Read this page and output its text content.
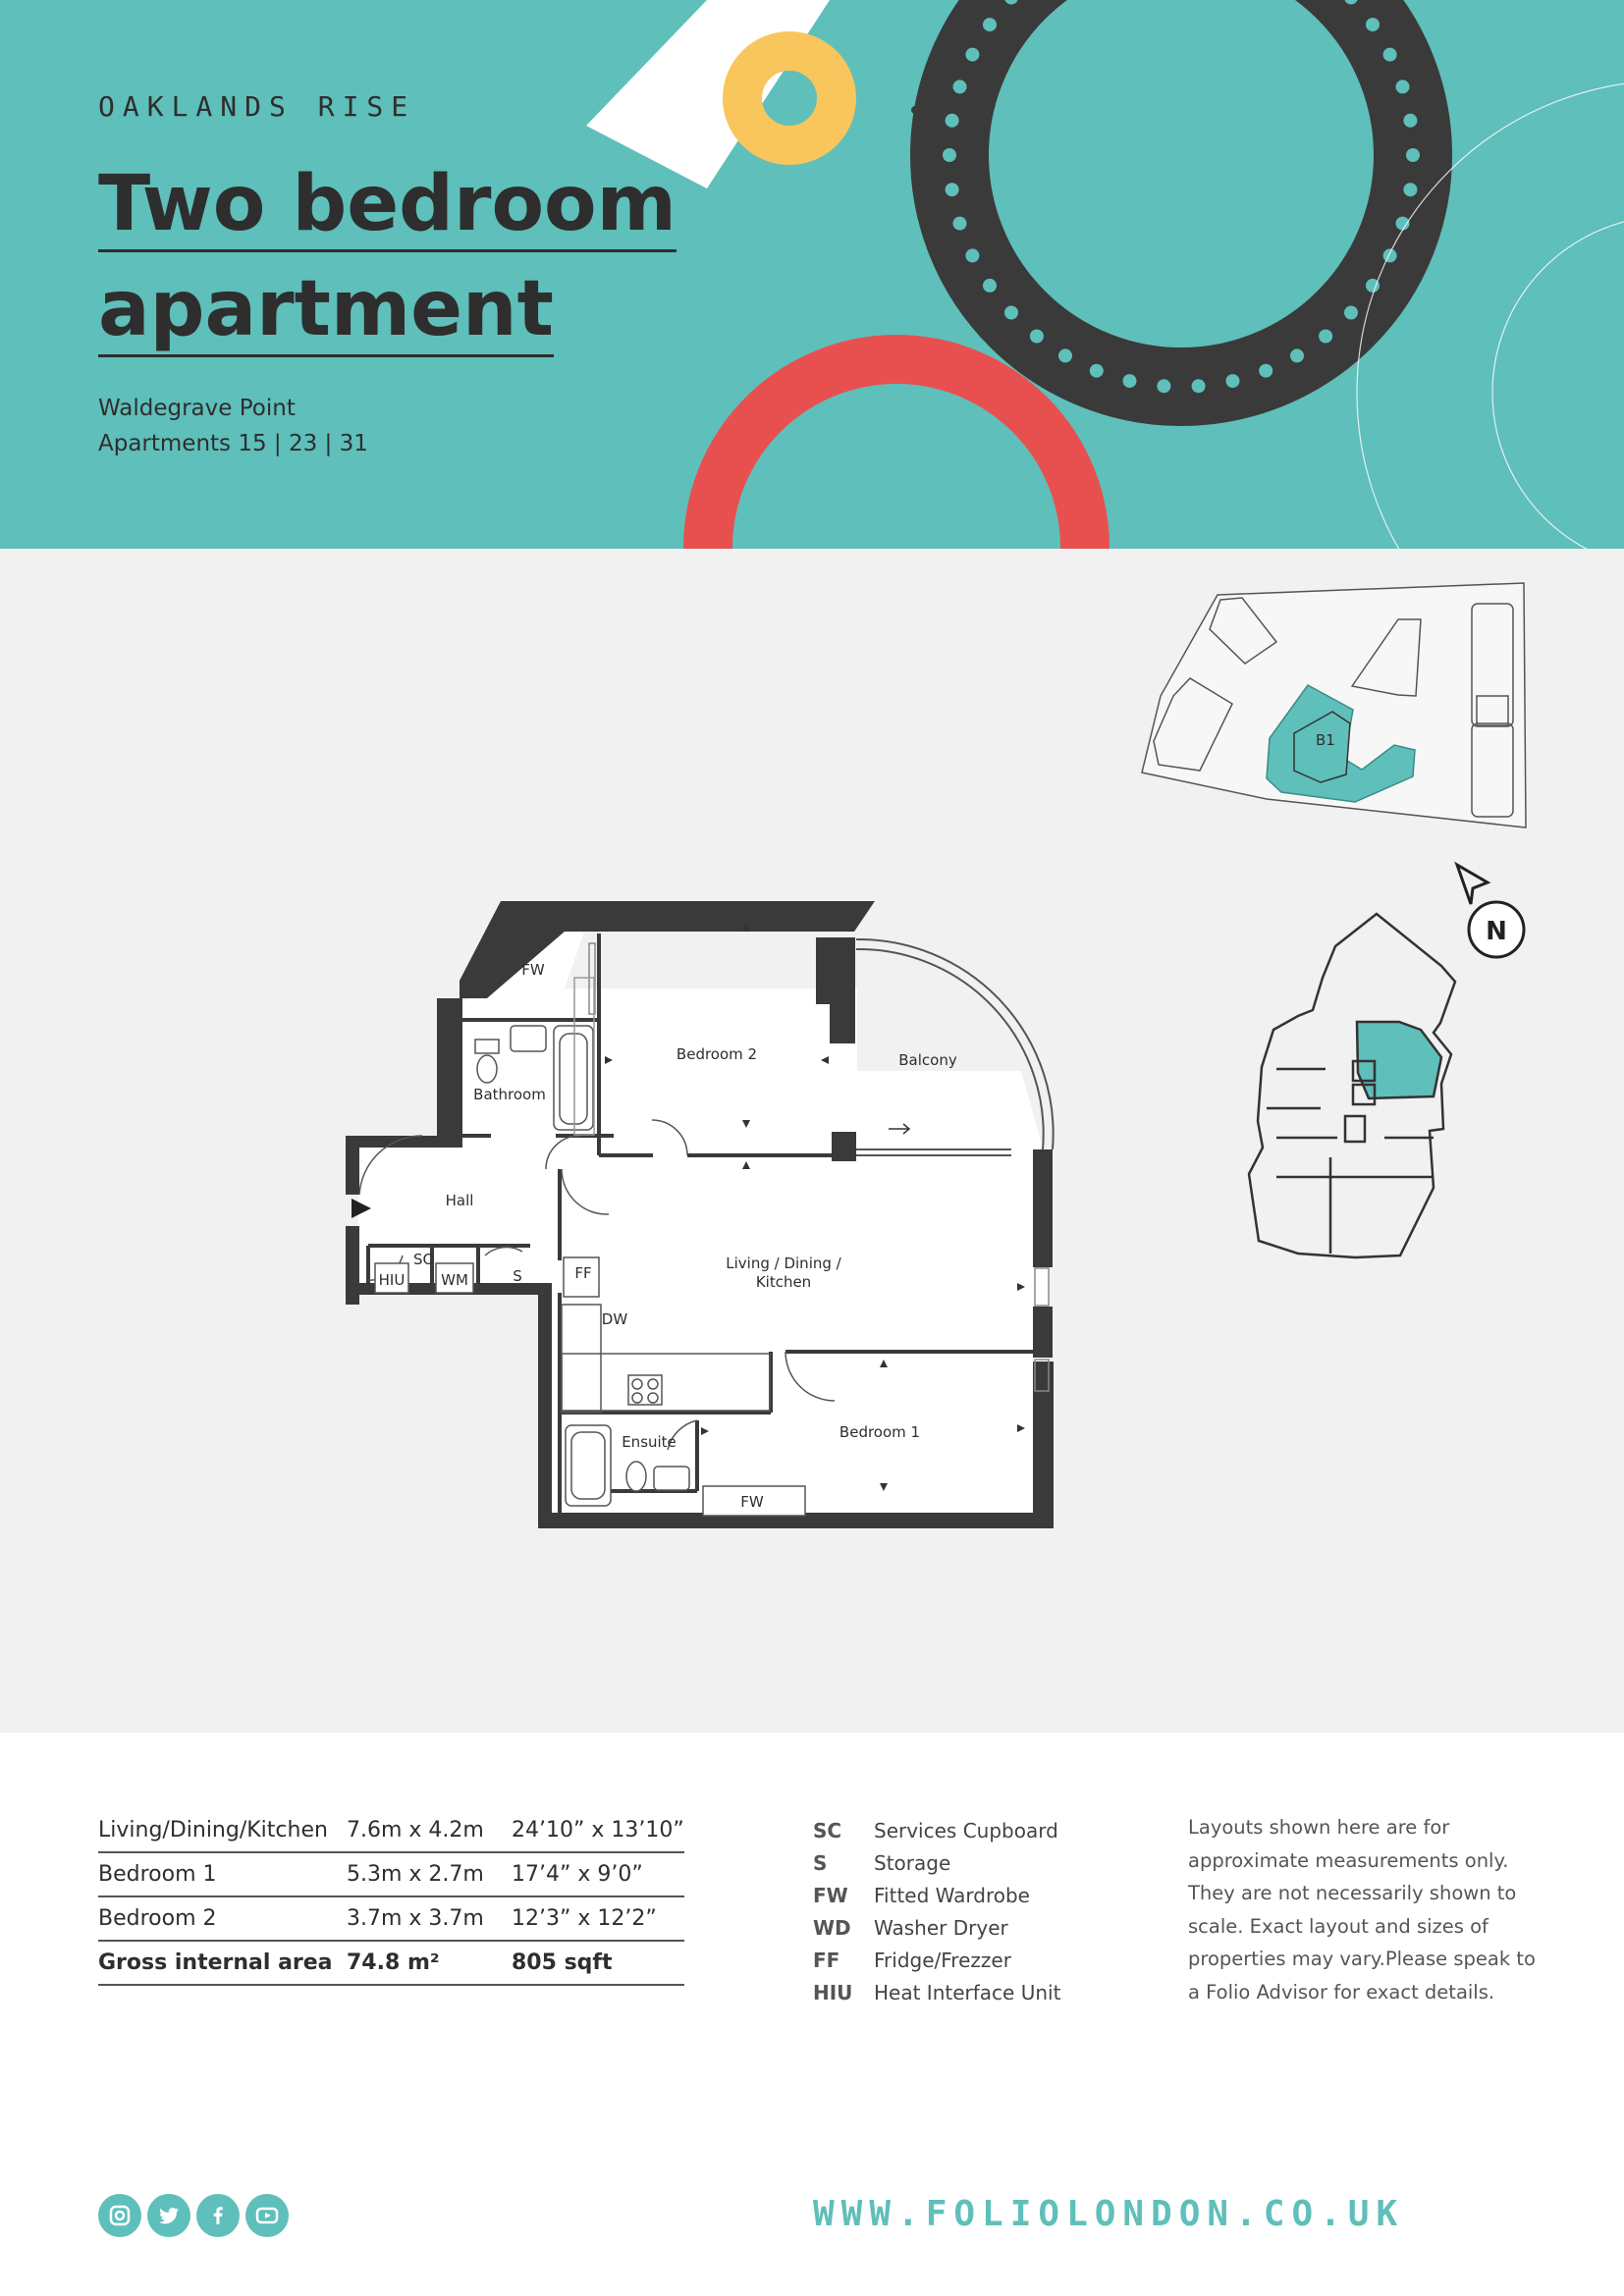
OAKLANDS RISE
Two bedroom
apartment
Waldegrave Point
Apartments 15 | 23 | 31
B1
N
FW
Bathroom
Bedroom 2	Balcony
Hall
SC
HIU WM	S	FF
DW
Living / Dining /
Kitchen
Ensuite
Bedroom 1
FW
Living/Dining/Kitchen	7.6m x 4.2m	24’10” x 13’10”
Bedroom 1	5.3m x 2.7m	17’4” x 9’0”
Bedroom 2	3.7m x 3.7m	12’3” x 12’2”
Gross internal area	74.8 m²	805 sqft
SC Services Cupboard
S Storage
FW Fitted Wardrobe
WD Washer Dryer
FF Fridge/Frezzer
HIU Heat Interface Unit
Layouts shown here are for approximate measurements only. They are not necessarily shown to scale. Exact layout and sizes of properties may vary.Please speak to a Folio Advisor for exact details.
WWW.FOLIOLONDON.CO.UK
